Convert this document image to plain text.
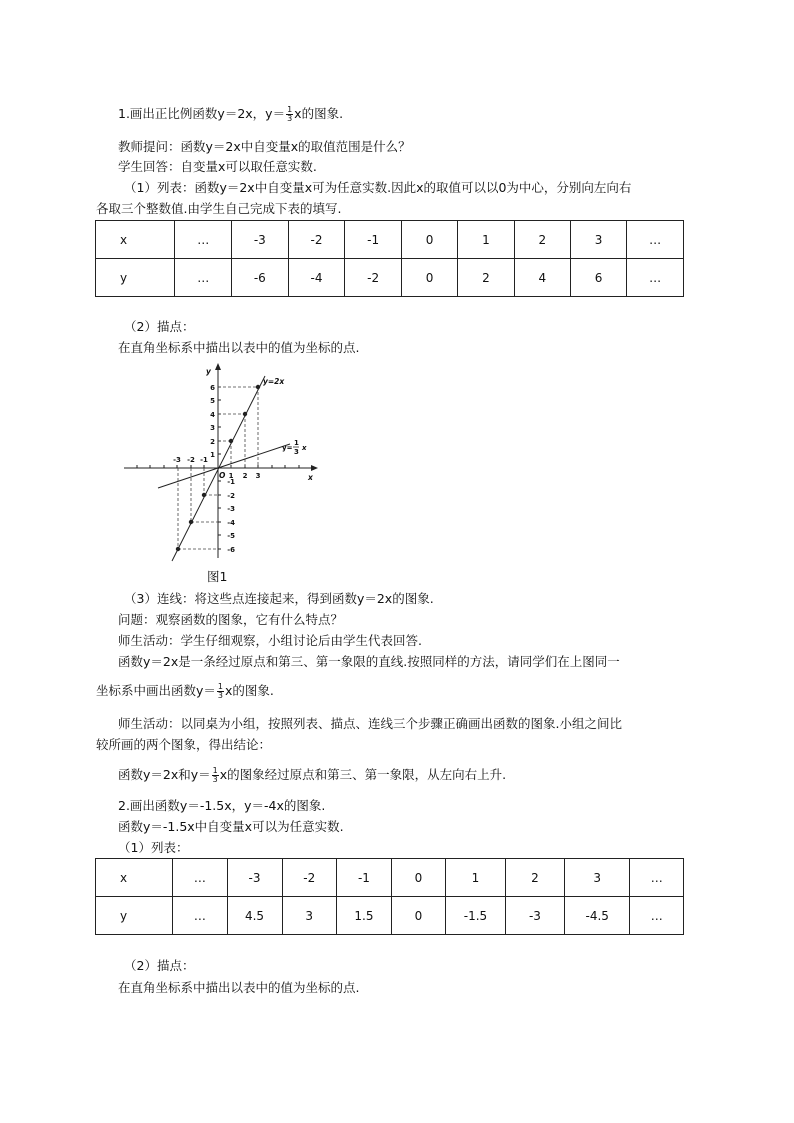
1.画出正比例函数y＝2x，$y= \frac{1}{3}$ x的图象.
教师提问：函数y＝2x中自变量x的取值范围是什么？
学生回答：自变量x可以取任意实数.
（1）列表：函数y＝2x中自变量x可为任意实数.因此x的取值可以以0为中心，分别向左向右
各取三个整数值.由学生自己完成下表的填写.
x	…	-3	-2	-1	0	1	2	3	…
y	…	-6	-4	-2	0	2	4	6	…
（2）描点：
在直角坐标系中描出以表中的值为坐标的点.
y
x
O
y=2x
y=
1
3 x
-3 -2 -1
1 2 3
6
5
4
3
2
1
-1
-2
-3
-4
-5
-6
图1
（3）连线：将这些点连接起来，得到函数y＝2x的图象.
问题：观察函数的图象，它有什么特点？
师生活动：学生仔细观察，小组讨论后由学生代表回答.
函数y＝2x是一条经过原点和第三、第一象限的直线.按照同样的方法，请同学们在上图同一
坐标系中画出函数$y= \frac{1}{3}$ x的图象.
师生活动：以同桌为小组，按照列表、描点、连线三个步骤正确画出函数的图象.小组之间比
较所画的两个图象，得出结论：
函数y＝2x和$y= \frac{1}{3}$ x的图象经过原点和第三、第一象限，从左向右上升.
2.画出函数y＝-1.5x，y＝-4x的图象.
函数y＝-1.5x中自变量x可以为任意实数.
（1）列表：
x	…	-3	-2	-1	0	1	2	3	…
y	…	4.5	3	1.5	0	-1.5	-3	-4.5	…
（2）描点：
在直角坐标系中描出以表中的值为坐标的点.
